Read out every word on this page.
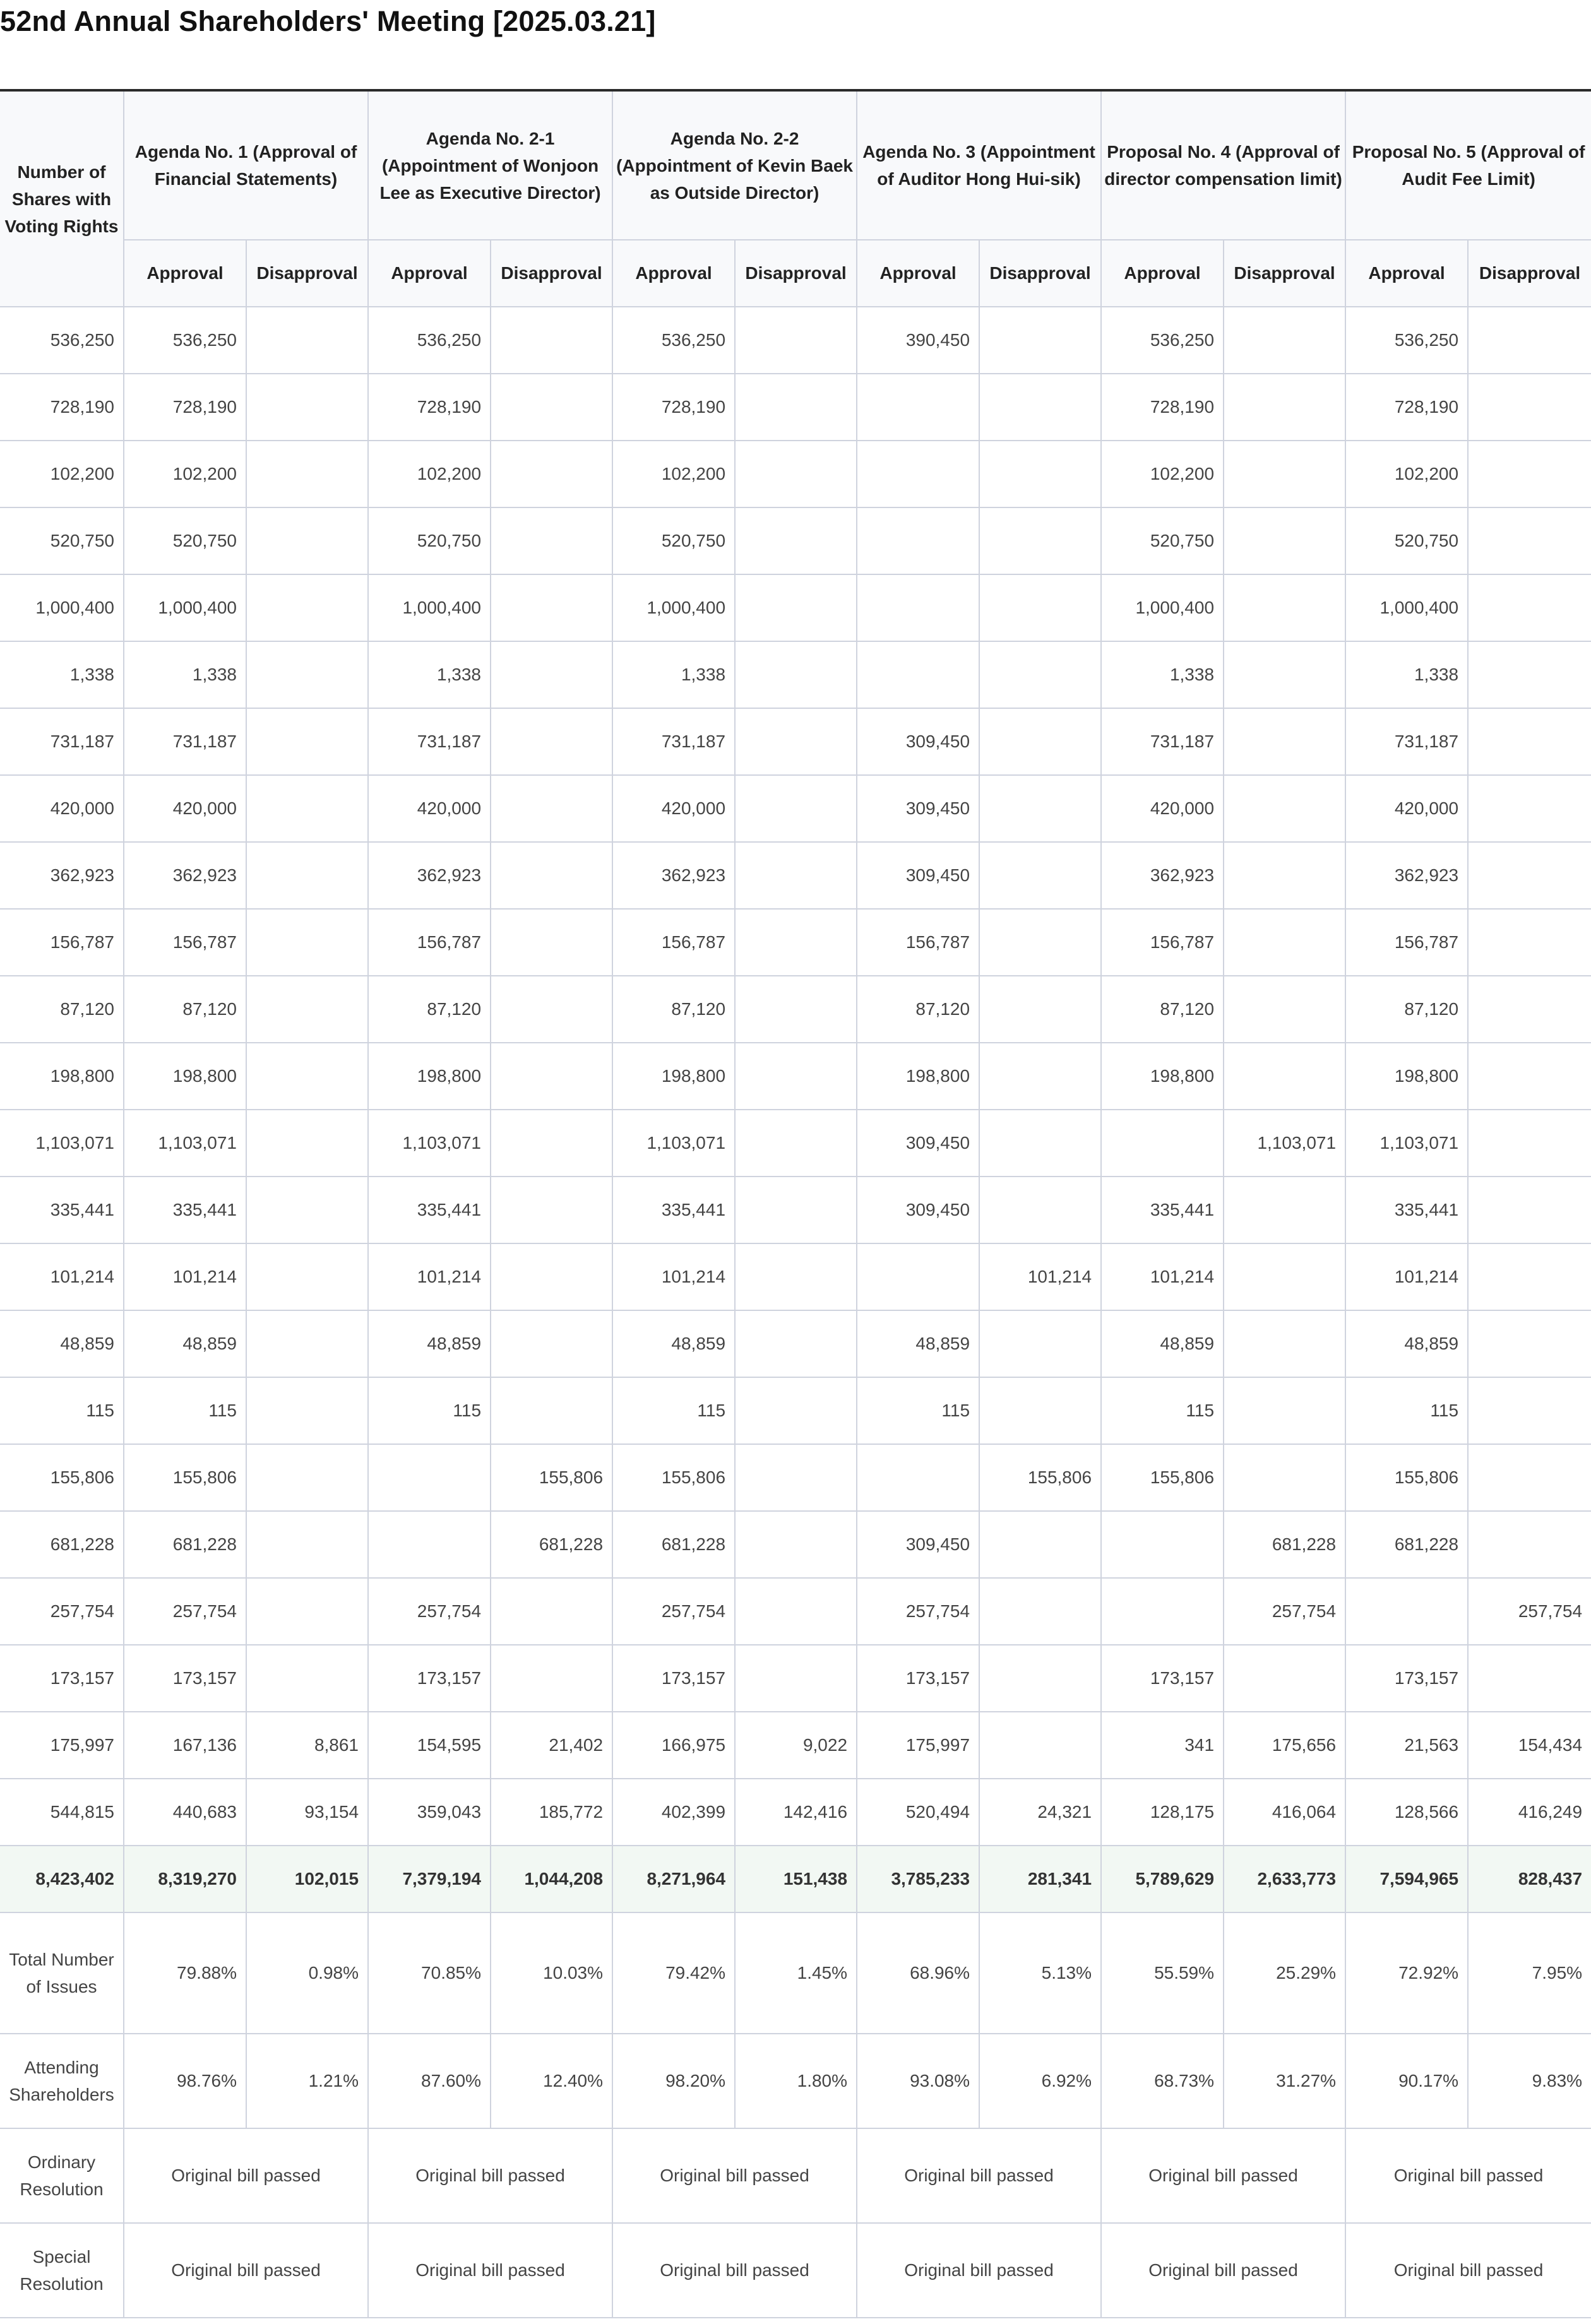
52nd Annual Shareholders' Meeting [2025.03.21]
Number of Shares with Voting Rights	Agenda No. 1 (Approval of Financial Statements)		Agenda No. 2-1 (Appointment of Wonjoon Lee as Executive Director)		Agenda No. 2-2 (Appointment of Kevin Baek as Outside Director)		Agenda No. 3 (Appointment of Auditor Hong Hui-sik)		Proposal No. 4 (Approval of director compensation limit)		Proposal No. 5 (Approval of Audit Fee Limit)	
	Approval	Disapproval	Approval	Disapproval	Approval	Disapproval	Approval	Disapproval	Approval	Disapproval	Approval	Disapproval
536,250	536,250		536,250		536,250		390,450		536,250		536,250	
728,190	728,190		728,190		728,190				728,190		728,190	
102,200	102,200		102,200		102,200				102,200		102,200	
520,750	520,750		520,750		520,750				520,750		520,750	
1,000,400	1,000,400		1,000,400		1,000,400				1,000,400		1,000,400	
1,338	1,338		1,338		1,338				1,338		1,338	
731,187	731,187		731,187		731,187		309,450		731,187		731,187	
420,000	420,000		420,000		420,000		309,450		420,000		420,000	
362,923	362,923		362,923		362,923		309,450		362,923		362,923	
156,787	156,787		156,787		156,787		156,787		156,787		156,787	
87,120	87,120		87,120		87,120		87,120		87,120		87,120	
198,800	198,800		198,800		198,800		198,800		198,800		198,800	
1,103,071	1,103,071		1,103,071		1,103,071		309,450			1,103,071	1,103,071	
335,441	335,441		335,441		335,441		309,450		335,441		335,441	
101,214	101,214		101,214		101,214			101,214	101,214		101,214	
48,859	48,859		48,859		48,859		48,859		48,859		48,859	
115	115		115		115		115		115		115	
155,806	155,806			155,806	155,806			155,806	155,806		155,806	
681,228	681,228			681,228	681,228		309,450			681,228	681,228	
257,754	257,754		257,754		257,754		257,754			257,754		257,754
173,157	173,157		173,157		173,157		173,157		173,157		173,157	
175,997	167,136	8,861	154,595	21,402	166,975	9,022	175,997		341	175,656	21,563	154,434
544,815	440,683	93,154	359,043	185,772	402,399	142,416	520,494	24,321	128,175	416,064	128,566	416,249
8,423,402	8,319,270	102,015	7,379,194	1,044,208	8,271,964	151,438	3,785,233	281,341	5,789,629	2,633,773	7,594,965	828,437
Total Number of Issues	79.88%	0.98%	70.85%	10.03%	79.42%	1.45%	68.96%	5.13%	55.59%	25.29%	72.92%	7.95%
Attending Shareholders	98.76%	1.21%	87.60%	12.40%	98.20%	1.80%	93.08%	6.92%	68.73%	31.27%	90.17%	9.83%
Ordinary Resolution	Original bill passed		Original bill passed		Original bill passed		Original bill passed		Original bill passed		Original bill passed	
Special Resolution	Original bill passed		Original bill passed		Original bill passed		Original bill passed		Original bill passed		Original bill passed	
